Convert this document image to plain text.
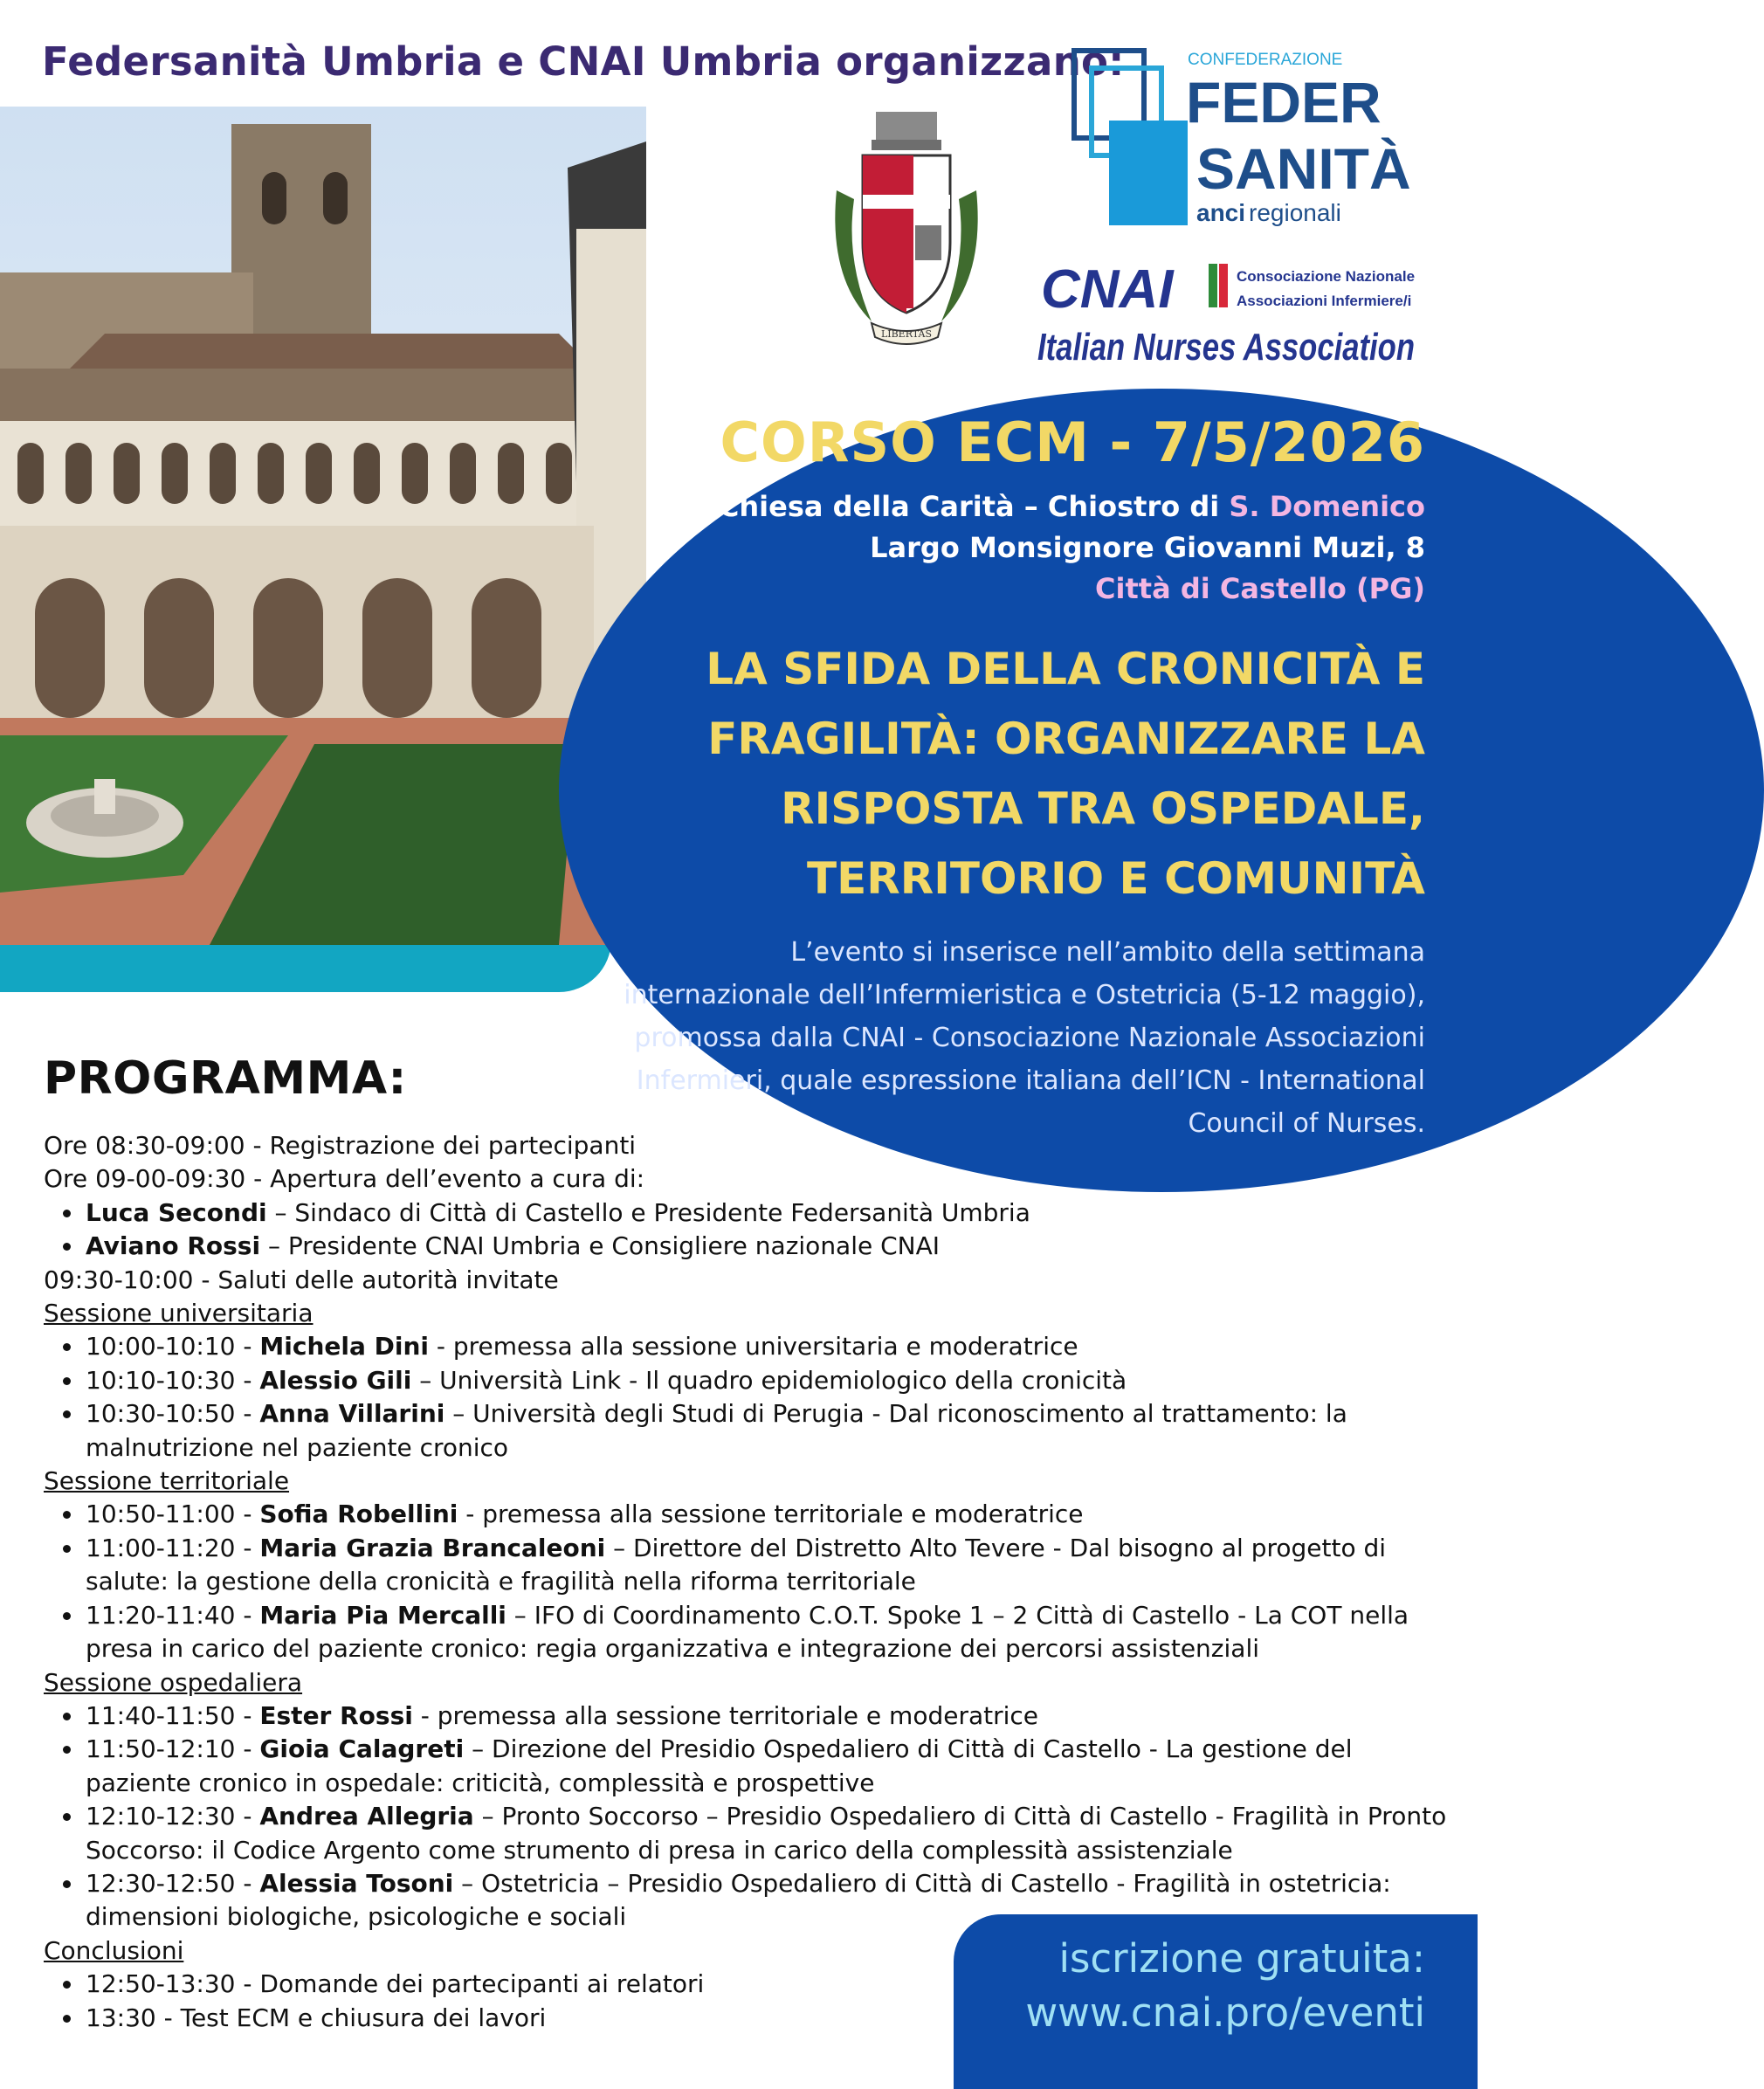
Federsanità Umbria e CNAI Umbria organizzano:
LIBERTAS
CONFEDERAZIONE
FEDER
SANITÀ
anci regionali
CNAI	Consociazione Nazionale
Associazioni Infermiere/i
Italian Nurses Association
CORSO ECM - 7/5/2026
Chiesa della Carità – Chiostro di S. Domenico
Largo Monsignore Giovanni Muzi, 8
Città di Castello (PG)
LA SFIDA DELLA CRONICITÀ E
FRAGILITÀ: ORGANIZZARE LA
RISPOSTA TRA OSPEDALE,
TERRITORIO E COMUNITÀ
L’evento si inserisce nell’ambito della settimana internazionale dell’Infermieristica e Ostetricia (5-12 maggio), promossa dalla CNAI - Consociazione Nazionale Associazioni Infermieri, quale espressione italiana dell’ICN - International Council of Nurses.
PROGRAMMA:

Ore 08:30-09:00 - Registrazione dei partecipanti

Ore 09-00-09:30 - Apertura dell’evento a cura di:

• Luca Secondi – Sindaco di Città di Castello e Presidente Federsanità Umbria
• Aviano Rossi – Presidente CNAI Umbria e Consigliere nazionale CNAI

09:30-10:00 - Saluti delle autorità invitate

Sessione universitaria

• 10:00-10:10 - Michela Dini - premessa alla sessione universitaria e moderatrice
• 10:10-10:30 - Alessio Gili – Università Link - Il quadro epidemiologico della cronicità
• 10:30-10:50 - Anna Villarini – Università degli Studi di Perugia - Dal riconoscimento al trattamento: la malnutrizione nel paziente cronico

Sessione territoriale

• 10:50-11:00 - Sofia Robellini - premessa alla sessione territoriale e moderatrice
• 11:00-11:20 - Maria Grazia Brancaleoni – Direttore del Distretto Alto Tevere - Dal bisogno al progetto di salute: la gestione della cronicità e fragilità nella riforma territoriale
• 11:20-11:40 - Maria Pia Mercalli – IFO di Coordinamento C.O.T. Spoke 1 – 2 Città di Castello - La COT nella presa in carico del paziente cronico: regia organizzativa e integrazione dei percorsi assistenziali

Sessione ospedaliera

• 11:40-11:50 - Ester Rossi - premessa alla sessione territoriale e moderatrice
• 11:50-12:10 - Gioia Calagreti – Direzione del Presidio Ospedaliero di Città di Castello - La gestione del paziente cronico in ospedale: criticità, complessità e prospettive
• 12:10-12:30 - Andrea Allegria – Pronto Soccorso – Presidio Ospedaliero di Città di Castello - Fragilità in Pronto Soccorso: il Codice Argento come strumento di presa in carico della complessità assistenziale
• 12:30-12:50 - Alessia Tosoni – Ostetricia – Presidio Ospedaliero di Città di Castello - Fragilità in ostetricia: dimensioni biologiche, psicologiche e sociali

Conclusioni

• 12:50-13:30 - Domande dei partecipanti ai relatori
• 13:30 - Test ECM e chiusura dei lavori
iscrizione gratuita:
www.cnai.pro/eventi
